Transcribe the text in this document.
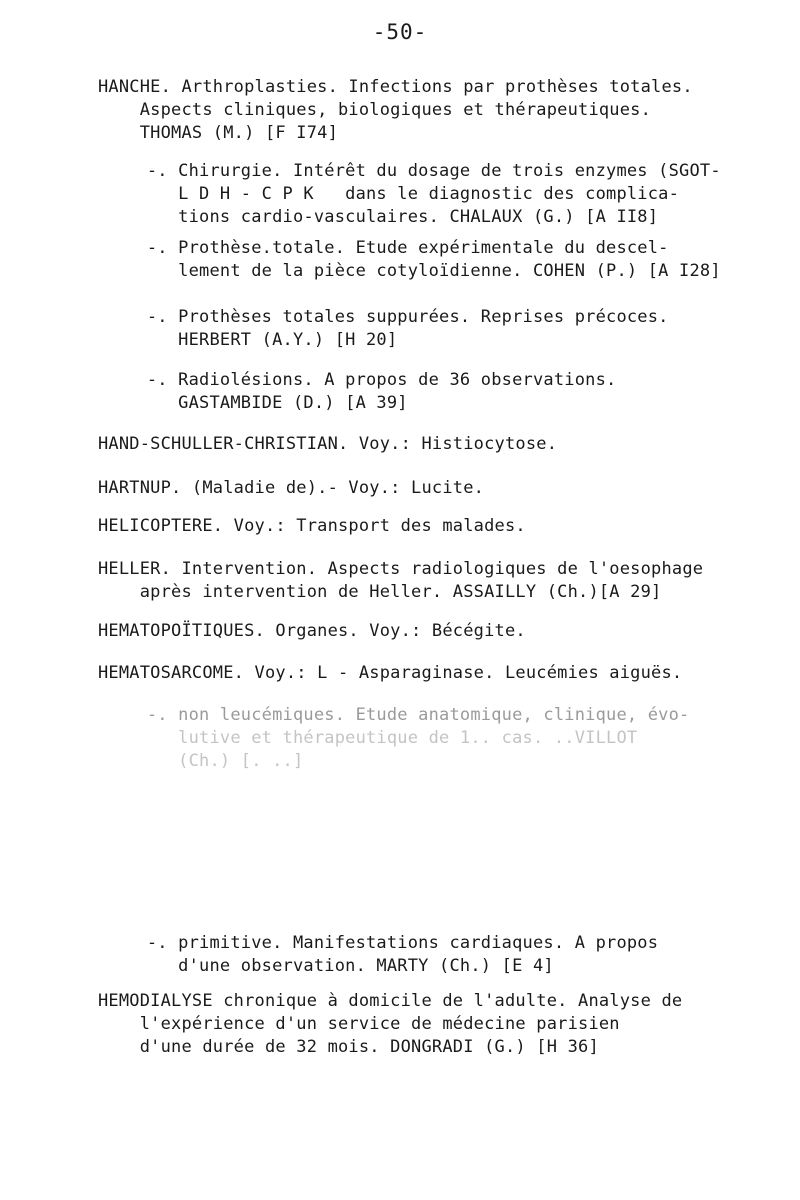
-50-
HANCHE. Arthroplasties. Infections par prothèses totales.
Aspects cliniques, biologiques et thérapeutiques.
THOMAS (M.) [F I74]
-. Chirurgie. Intérêt du dosage de trois enzymes (SGOT-
L D H - C P K   dans le diagnostic des complica-
tions cardio-vasculaires. CHALAUX (G.) [A II8]
-. Prothèse.totale. Etude expérimentale du descel-
lement de la pièce cotyloïdienne. COHEN (P.) [A I28]
-. Prothèses totales suppurées. Reprises précoces.
HERBERT (A.Y.) [H 20]
-. Radiolésions. A propos de 36 observations.
GASTAMBIDE (D.) [A 39]
HAND-SCHULLER-CHRISTIAN. Voy.: Histiocytose.
HARTNUP. (Maladie de).- Voy.: Lucite.
HELICOPTERE. Voy.: Transport des malades.
HELLER. Intervention. Aspects radiologiques de l'oesophage
après intervention de Heller. ASSAILLY (Ch.)[A 29]
HEMATOPOÏTIQUES. Organes. Voy.: Bécégite.
HEMATOSARCOME. Voy.: L - Asparaginase. Leucémies aiguës.
-. non leucémiques. Etude anatomique, clinique, évo-
lutive et thérapeutique de 1.. cas. ..VILLOT
(Ch.) [. ..]
-. primitive. Manifestations cardiaques. A propos
d'une observation. MARTY (Ch.) [E 4]
HEMODIALYSE chronique à domicile de l'adulte. Analyse de
l'expérience d'un service de médecine parisien
d'une durée de 32 mois. DONGRADI (G.) [H 36]
